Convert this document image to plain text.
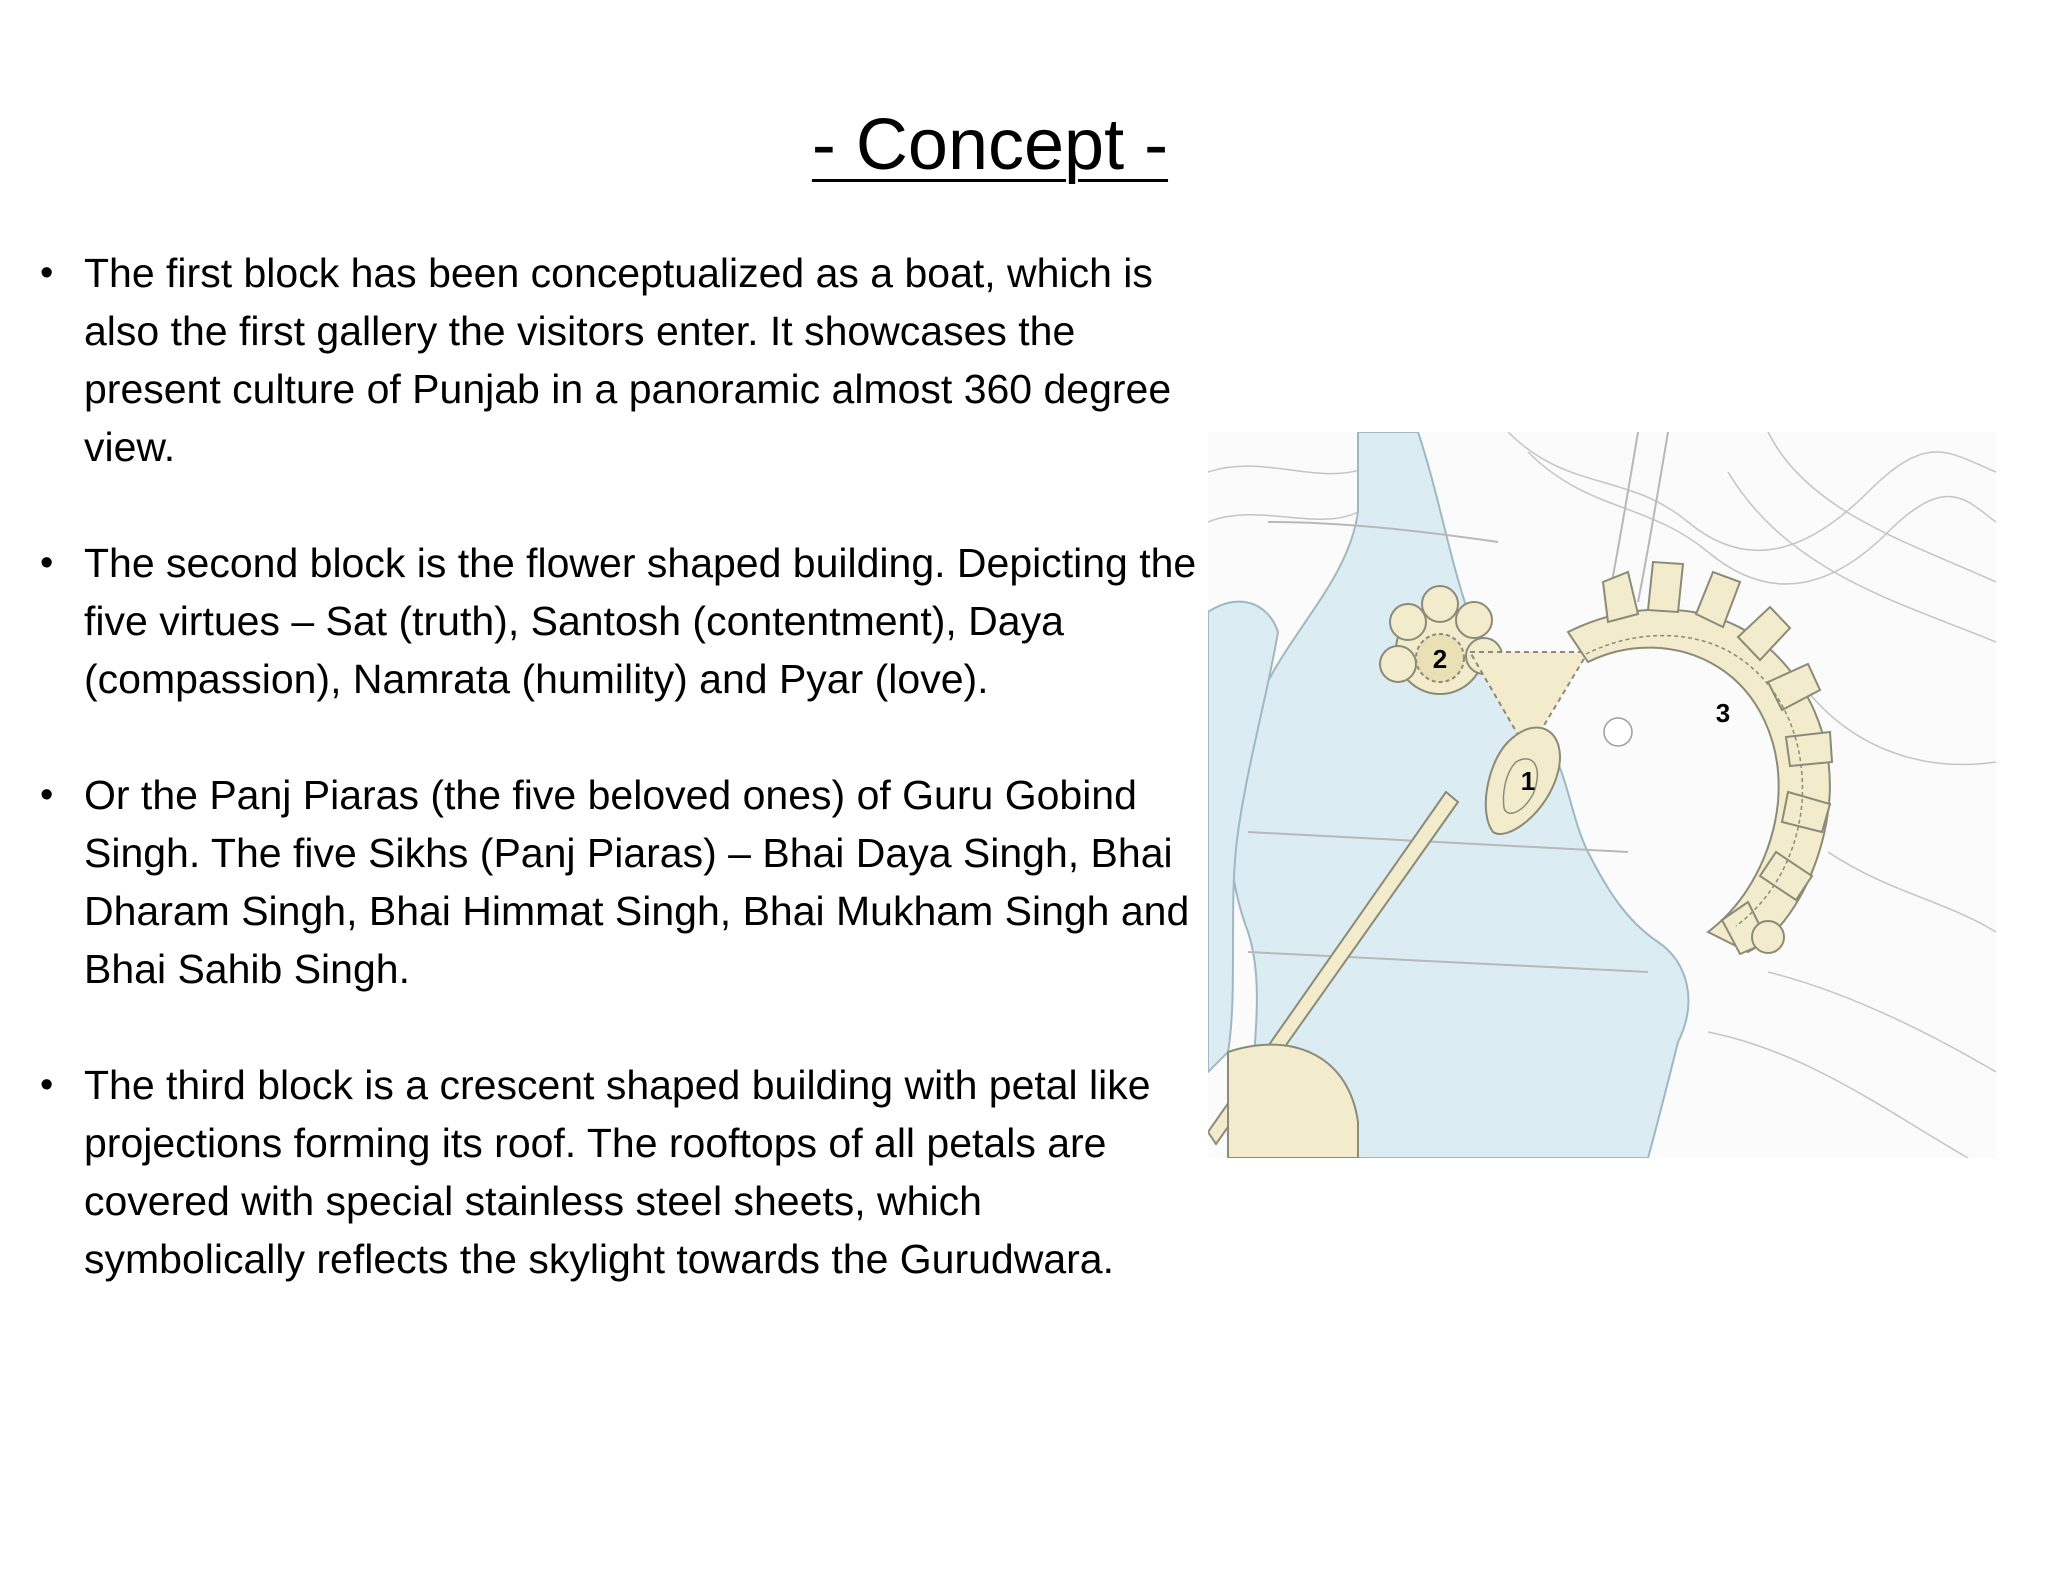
- Concept -
• The first block has been conceptualized as a boat, which is also the first gallery the visitors enter. It showcases the present culture of Punjab in a panoramic almost 360 degree view.
• The second block is the flower shaped building. Depicting the five virtues – Sat (truth), Santosh (contentment), Daya (compassion), Namrata (humility) and Pyar (love).
• Or the Panj Piaras (the five beloved ones) of Guru Gobind Singh. The five Sikhs (Panj Piaras) – Bhai Daya Singh, Bhai Dharam Singh, Bhai Himmat Singh, Bhai Mukham Singh and Bhai Sahib Singh.
• The third block is a crescent shaped building with petal like projections forming its roof. The rooftops of all petals are covered with special stainless steel sheets, which symbolically reflects the skylight towards the Gurudwara.
2
1
3
